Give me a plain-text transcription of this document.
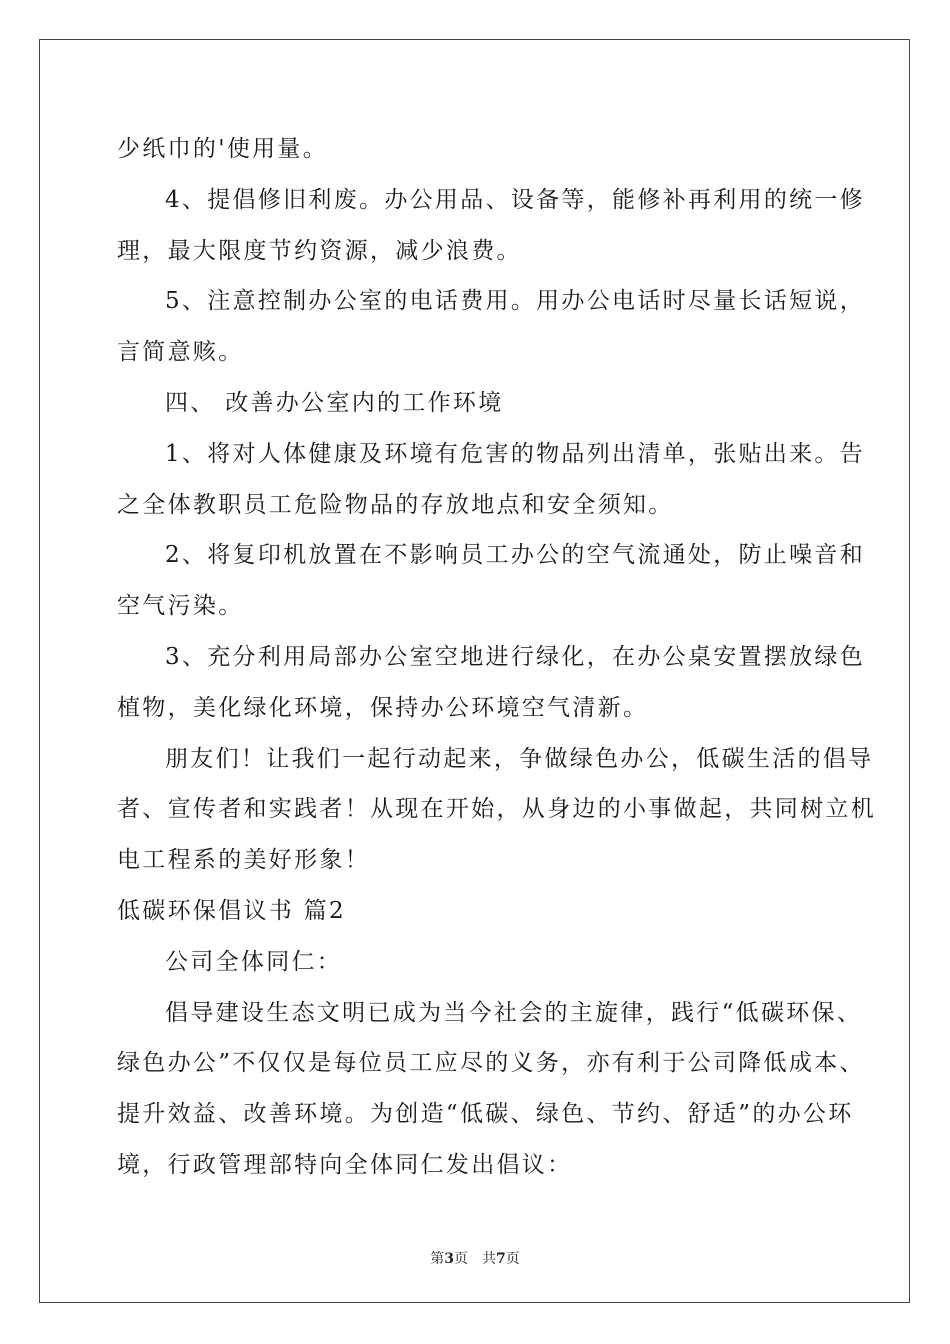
少纸巾的'使用量。
4、提倡修旧利废。办公用品、设备等，能修补再利用的统一修
理，最大限度节约资源，减少浪费。
5、注意控制办公室的电话费用。用办公电话时尽量长话短说，
言简意赅。
四、 改善办公室内的工作环境
1、将对人体健康及环境有危害的物品列出清单，张贴出来。告
之全体教职员工危险物品的存放地点和安全须知。
2、将复印机放置在不影响员工办公的空气流通处，防止噪音和
空气污染。
3、充分利用局部办公室空地进行绿化，在办公桌安置摆放绿色
植物，美化绿化环境，保持办公环境空气清新。
朋友们！让我们一起行动起来，争做绿色办公，低碳生活的倡导
者、宣传者和实践者！从现在开始，从身边的小事做起，共同树立机
电工程系的美好形象！
低碳环保倡议书 篇2
公司全体同仁：
倡导建设生态文明已成为当今社会的主旋律，践行“低碳环保、
绿色办公”不仅仅是每位员工应尽的义务，亦有利于公司降低成本、
提升效益、改善环境。为创造“低碳、绿色、节约、舒适”的办公环
境，行政管理部特向全体同仁发出倡议：
第3页 共7页
